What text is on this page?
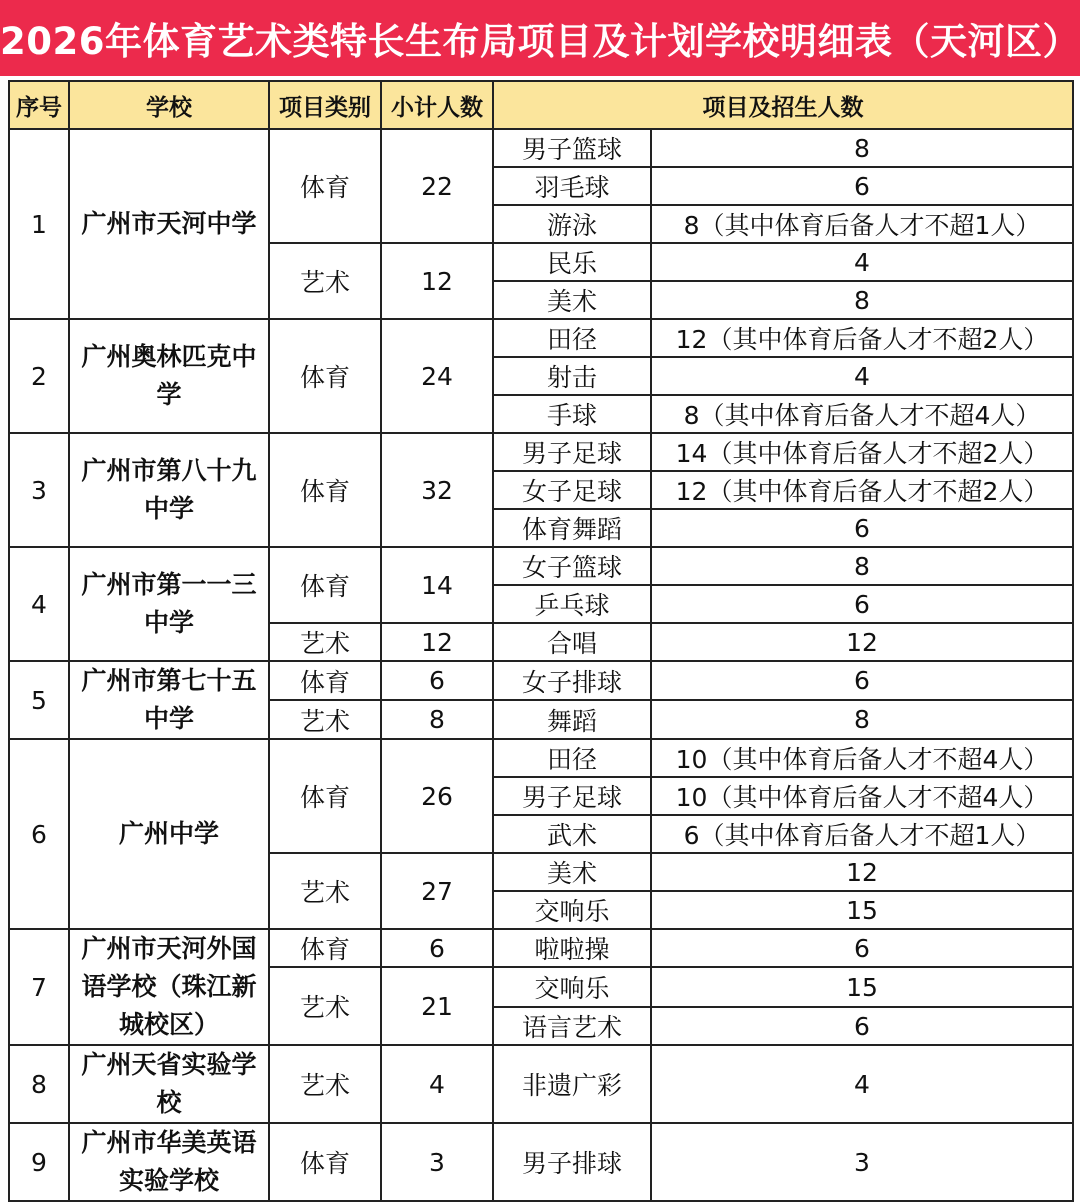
2026年体育艺术类特长生布局项目及计划学校明细表（天河区）
序号	学校	项目类别	小计人数	项目及招生人数	
1	广州市天河中学	体育	22	男子篮球	8
				羽毛球	6
				游泳	8（其中体育后备人才不超1人）
		艺术	12	民乐	4
				美术	8
2	广州奥林匹克中学	体育	24	田径	12（其中体育后备人才不超2人）
				射击	4
				手球	8（其中体育后备人才不超4人）
3	广州市第八十九中学	体育	32	男子足球	14（其中体育后备人才不超2人）
				女子足球	12（其中体育后备人才不超2人）
				体育舞蹈	6
4	广州市第一一三中学	体育	14	女子篮球	8
				乒乓球	6
		艺术	12	合唱	12
5	广州市第七十五中学	体育	6	女子排球	6
		艺术	8	舞蹈	8
6	广州中学	体育	26	田径	10（其中体育后备人才不超4人）
				男子足球	10（其中体育后备人才不超4人）
				武术	6（其中体育后备人才不超1人）
		艺术	27	美术	12
				交响乐	15
7	广州市天河外国语学校（珠江新城校区）	体育	6	啦啦操	6
		艺术	21	交响乐	15
				语言艺术	6
8	广州天省实验学校	艺术	4	非遗广彩	4
9	广州市华美英语实验学校	体育	3	男子排球	3
